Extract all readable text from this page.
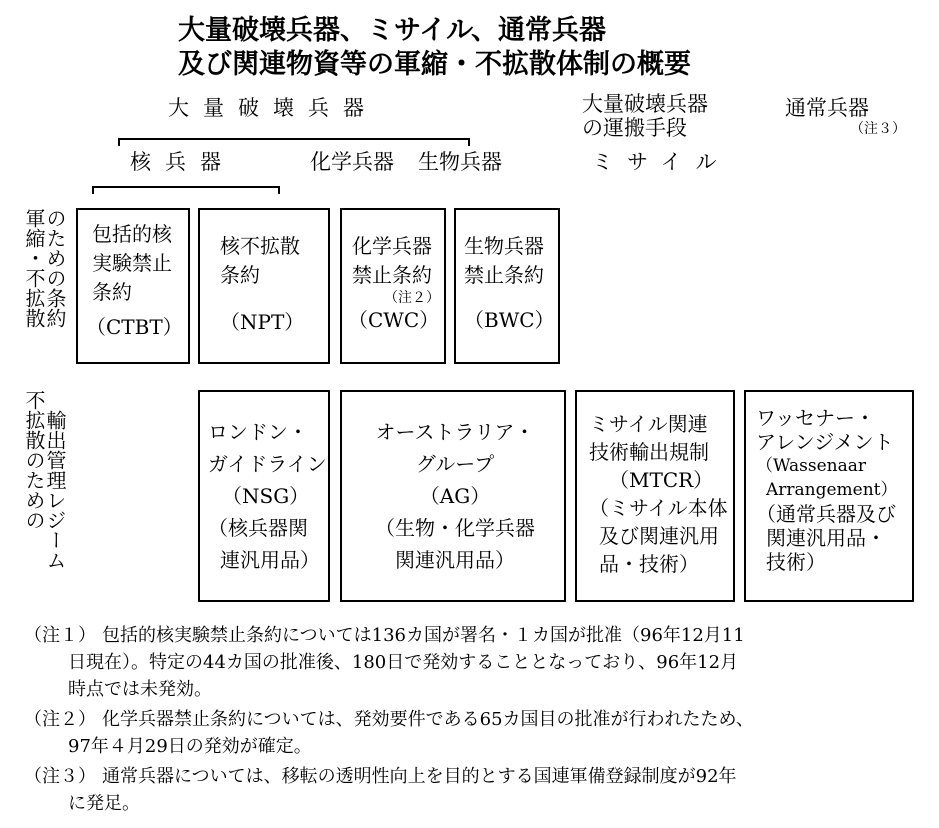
大量破壊兵器、ミサイル、通常兵器
及び関連物資等の軍縮・不拡散体制の概要
大量破壊兵器	大量破壊兵器
の運搬手段
通常兵器
（注３）
核兵器	化学兵器 生物兵器	ミサイル
のための条約
軍縮・不拡散
輸出管理レジーム
不拡散のための
包括的核
実験禁止
条約
（CTBT）
核不拡散
条約
（NPT）
化学兵器
禁止条約
（注２）
（CWC）
生物兵器
禁止条約
（BWC）
ロンドン・
ガイドライン
（NSG）
（核兵器関
連汎用品）
オーストラリア・
グループ
（AG）
（生物・化学兵器
関連汎用品）
ミサイル関連
技術輸出規制
（MTCR）
（ミサイル本体
及び関連汎用
品・技術）
ワッセナー・
アレンジメント
（Wassenaar
Arrangement）
（通常兵器及び
関連汎用品・
技術）
（注１） 包括的核実験禁止条約については136カ国が署名・１カ国が批准（96年12月11
日現在）。特定の44カ国の批准後、180日で発効することとなっており、96年12月
時点では未発効。
（注２） 化学兵器禁止条約については、発効要件である65カ国目の批准が行われたため、
97年４月29日の発効が確定。
（注３） 通常兵器については、移転の透明性向上を目的とする国連軍備登録制度が92年
に発足。
